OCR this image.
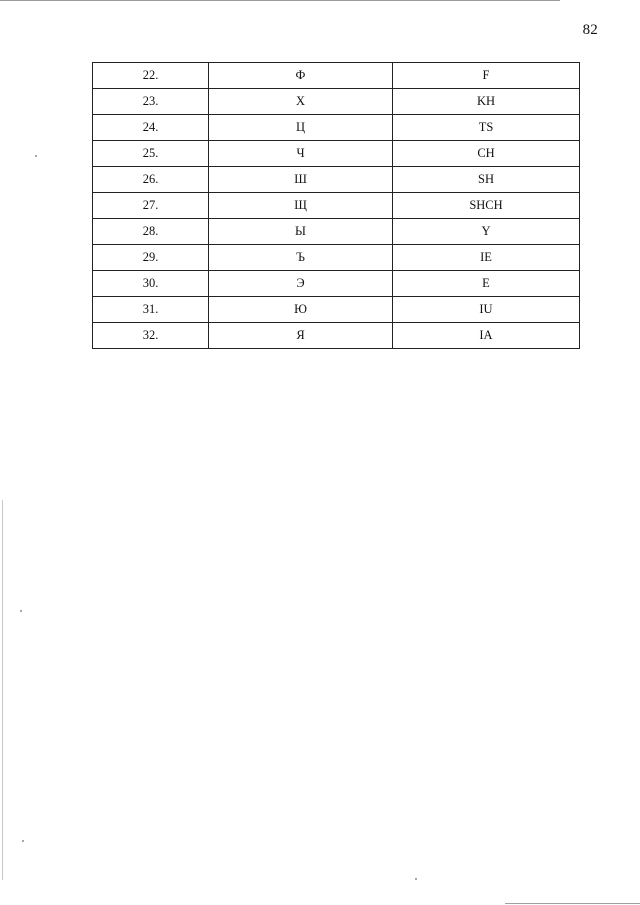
82
22.	Ф	F
23.	Х	KH
24.	Ц	TS
25.	Ч	CH
26.	Ш	SH
27.	Щ	SHCH
28.	Ы	Y
29.	Ъ	IE
30.	Э	E
31.	Ю	IU
32.	Я	IA
